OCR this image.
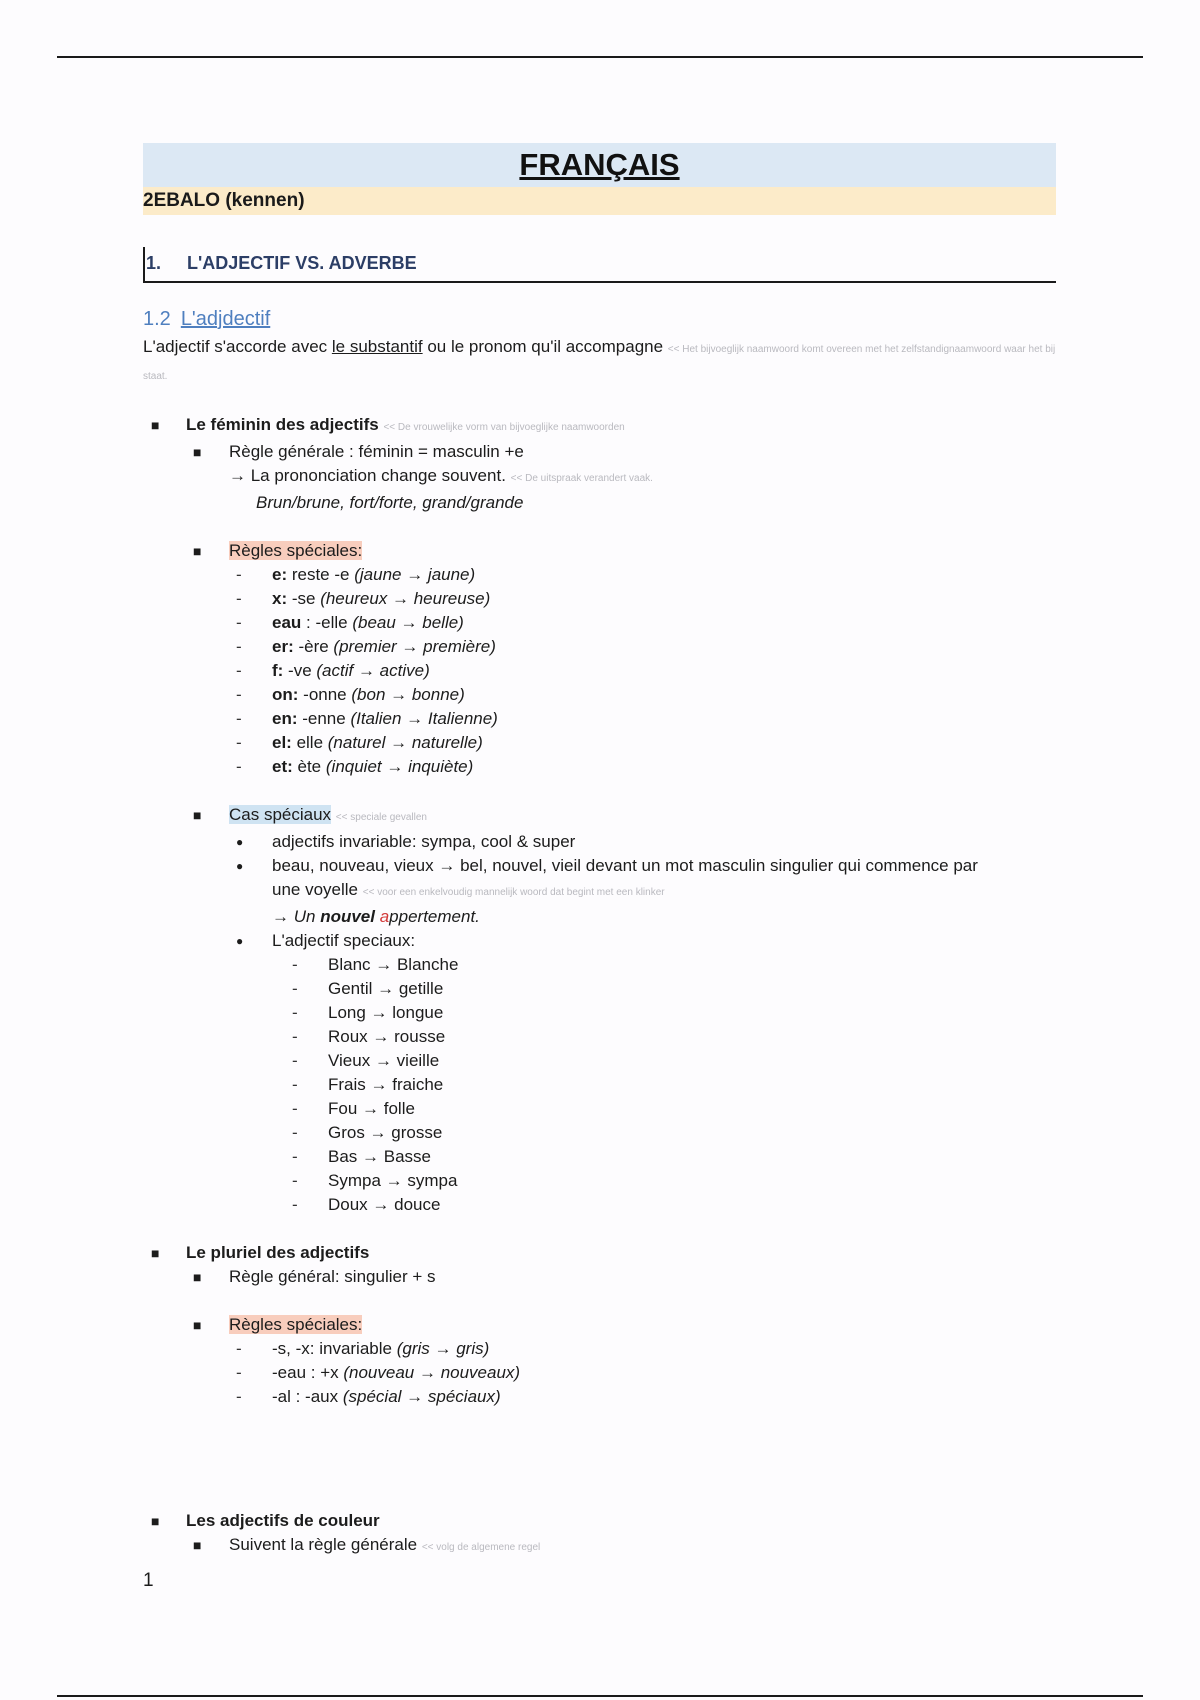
FRANÇAIS
2EBALO (kennen)
1. L'ADJECTIF VS. ADVERBE
1.2 L'adjdectif
L'adjectif s'accorde avec le substantif ou le pronom qu'il accompagne << Het bijvoeglijk naamwoord komt overeen met het zelfstandignaamwoord waar het bij staat.
■ Le féminin des adjectifs << De vrouwelijke vorm van bijvoeglijke naamwoorden
■ Règle générale : féminin = masculin +e
→ La prononciation change souvent. << De uitspraak verandert vaak.
Brun/brune, fort/forte, grand/grande
■ Règles spéciales:
- e: reste -e (jaune → jaune)
- x: -se (heureux → heureuse)
- eau : -elle (beau → belle)
- er: -ère (premier → première)
- f: -ve (actif → active)
- on: -onne (bon → bonne)
- en: -enne (Italien → Italienne)
- el: elle (naturel → naturelle)
- et: ète (inquiet → inquiète)
■ Cas spéciaux << speciale gevallen
● adjectifs invariable: sympa, cool & super
● beau, nouveau, vieux → bel, nouvel, vieil devant un mot masculin singulier qui commence par
une voyelle << voor een enkelvoudig mannelijk woord dat begint met een klinker
→ Un nouvel appertement.
● L'adjectif speciaux:
- Blanc → Blanche
- Gentil → getille
- Long → longue
- Roux → rousse
- Vieux → vieille
- Frais → fraiche
- Fou → folle
- Gros → grosse
- Bas → Basse
- Sympa → sympa
- Doux → douce
■ Le pluriel des adjectifs
■ Règle général: singulier + s
■ Règles spéciales:
- -s, -x: invariable (gris → gris)
- -eau : +x (nouveau → nouveaux)
- -al : -aux (spécial → spéciaux)
■ Les adjectifs de couleur
■ Suivent la règle générale << volg de algemene regel
1
